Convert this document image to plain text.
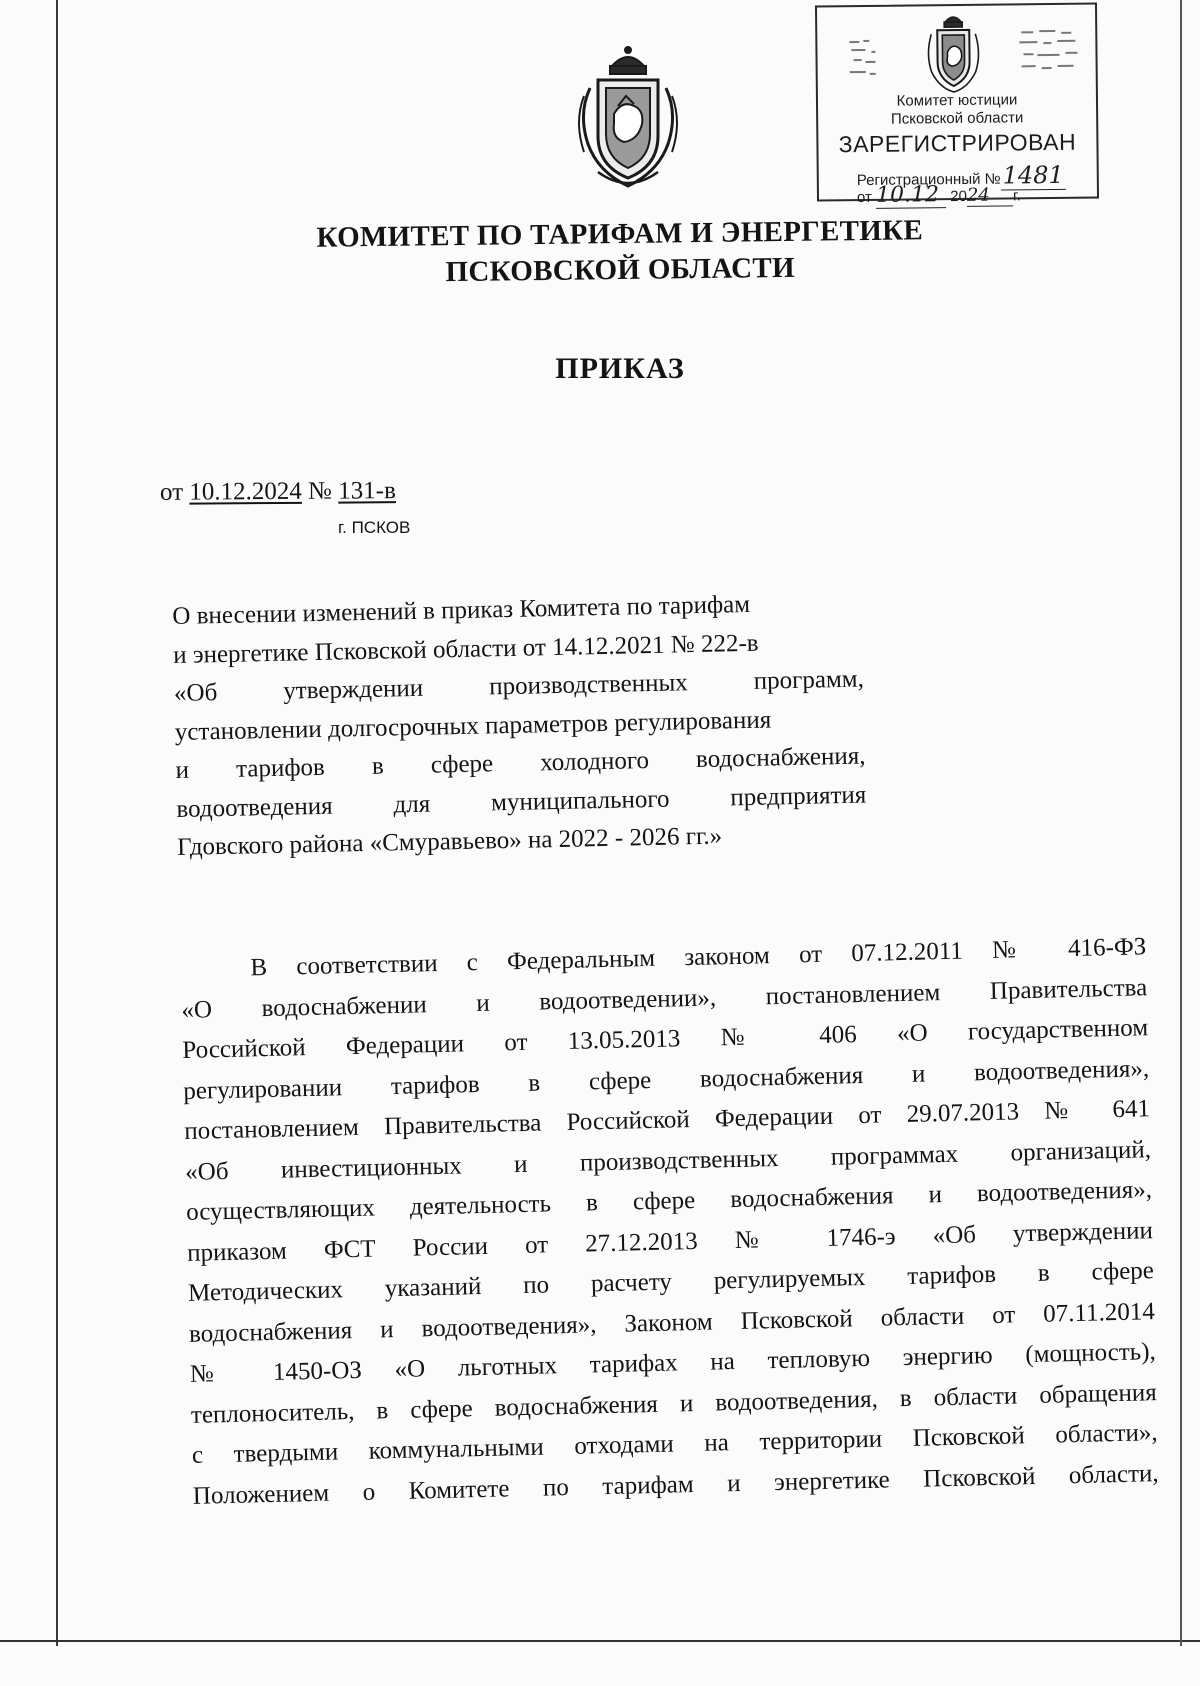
Комитет юстиции
Псковской области
ЗАРЕГИСТРИРОВАН
Регистрационный №1481
от 10.12 2024 г.
КОМИТЕТ ПО ТАРИФАМ И ЭНЕРГЕТИКЕ
ПСКОВСКОЙ ОБЛАСТИ
ПРИКАЗ
от 10.12.2024 № 131-в
г. ПСКОВ
О внесении изменений в приказ Комитета по тарифам
и энергетике Псковской области от 14.12.2021 № 222-в
«Об утверждении производственных программ,
установлении долгосрочных параметров регулирования
и тарифов в сфере холодного водоснабжения,
водоотведения для муниципального предприятия
Гдовского района «Смуравьево» на 2022 - 2026 гг.»
В соответствии с Федеральным законом от 07.12.2011 № 416-ФЗ
«О водоснабжении и водоотведении», постановлением Правительства
Российской Федерации от 13.05.2013 № 406 «О государственном
регулировании тарифов в сфере водоснабжения и водоотведения»,
постановлением Правительства Российской Федерации от 29.07.2013 № 641
«Об инвестиционных и производственных программах организаций,
осуществляющих деятельность в сфере водоснабжения и водоотведения»,
приказом ФСТ России от 27.12.2013 № 1746-э «Об утверждении
Методических указаний по расчету регулируемых тарифов в сфере
водоснабжения и водоотведения», Законом Псковской области от 07.11.2014
№ 1450-ОЗ «О льготных тарифах на тепловую энергию (мощность),
теплоноситель, в сфере водоснабжения и водоотведения, в области обращения
с твердыми коммунальными отходами на территории Псковской области»,
Положением о Комитете по тарифам и энергетике Псковской области,
